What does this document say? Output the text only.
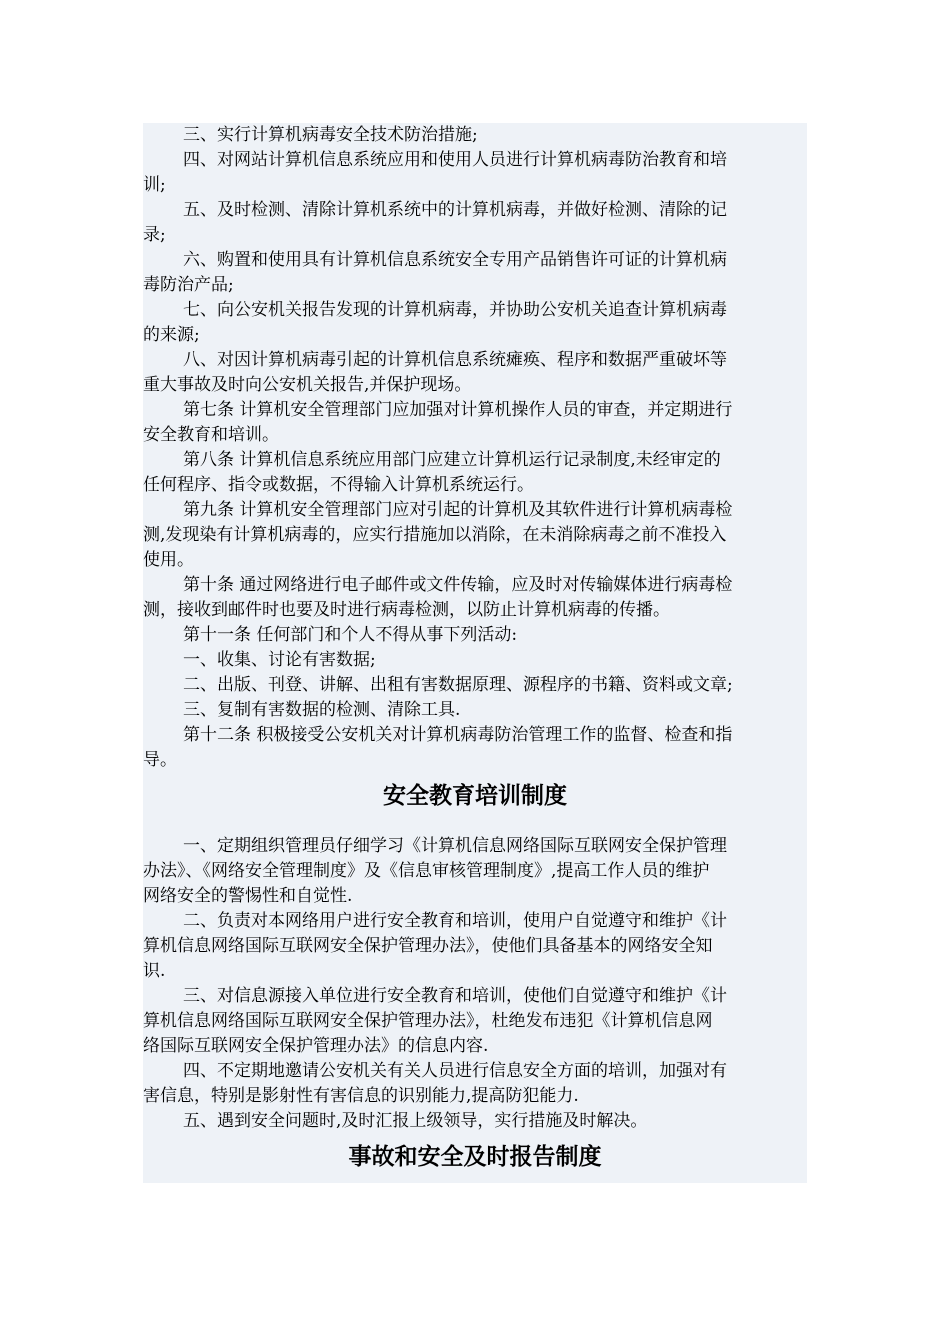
三、实行计算机病毒安全技术防治措施;
四、对网站计算机信息系统应用和使用人员进行计算机病毒防治教育和培
训;
五、及时检测、清除计算机系统中的计算机病毒，并做好检测、清除的记
录;
六、购置和使用具有计算机信息系统安全专用产品销售许可证的计算机病
毒防治产品;
七、向公安机关报告发现的计算机病毒，并协助公安机关追查计算机病毒
的来源;
八、对因计算机病毒引起的计算机信息系统瘫痪、程序和数据严重破坏等
重大事故及时向公安机关报告,并保护现场。
第七条 计算机安全管理部门应加强对计算机操作人员的审查，并定期进行
安全教育和培训。
第八条 计算机信息系统应用部门应建立计算机运行记录制度,未经审定的
任何程序、指令或数据，不得输入计算机系统运行。
第九条 计算机安全管理部门应对引起的计算机及其软件进行计算机病毒检
测,发现染有计算机病毒的，应实行措施加以消除，在未消除病毒之前不准投入
使用。
第十条 通过网络进行电子邮件或文件传输，应及时对传输媒体进行病毒检
测，接收到邮件时也要及时进行病毒检测，以防止计算机病毒的传播。
第十一条 任何部门和个人不得从事下列活动:
一、收集、讨论有害数据;
二、出版、刊登、讲解、出租有害数据原理、源程序的书籍、资料或文章;
三、复制有害数据的检测、清除工具.
第十二条 积极接受公安机关对计算机病毒防治管理工作的监督、检查和指
导。
安全教育培训制度
一、定期组织管理员仔细学习《计算机信息网络国际互联网安全保护管理
办法》、《网络安全管理制度》及《信息审核管理制度》,提高工作人员的维护
网络安全的警惕性和自觉性.
二、负责对本网络用户进行安全教育和培训，使用户自觉遵守和维护《计
算机信息网络国际互联网安全保护管理办法》，使他们具备基本的网络安全知
识.
三、对信息源接入单位进行安全教育和培训，使他们自觉遵守和维护《计
算机信息网络国际互联网安全保护管理办法》，杜绝发布违犯《计算机信息网
络国际互联网安全保护管理办法》的信息内容.
四、不定期地邀请公安机关有关人员进行信息安全方面的培训，加强对有
害信息，特别是影射性有害信息的识别能力,提高防犯能力.
五、遇到安全问题时,及时汇报上级领导，实行措施及时解决。
事故和安全及时报告制度
